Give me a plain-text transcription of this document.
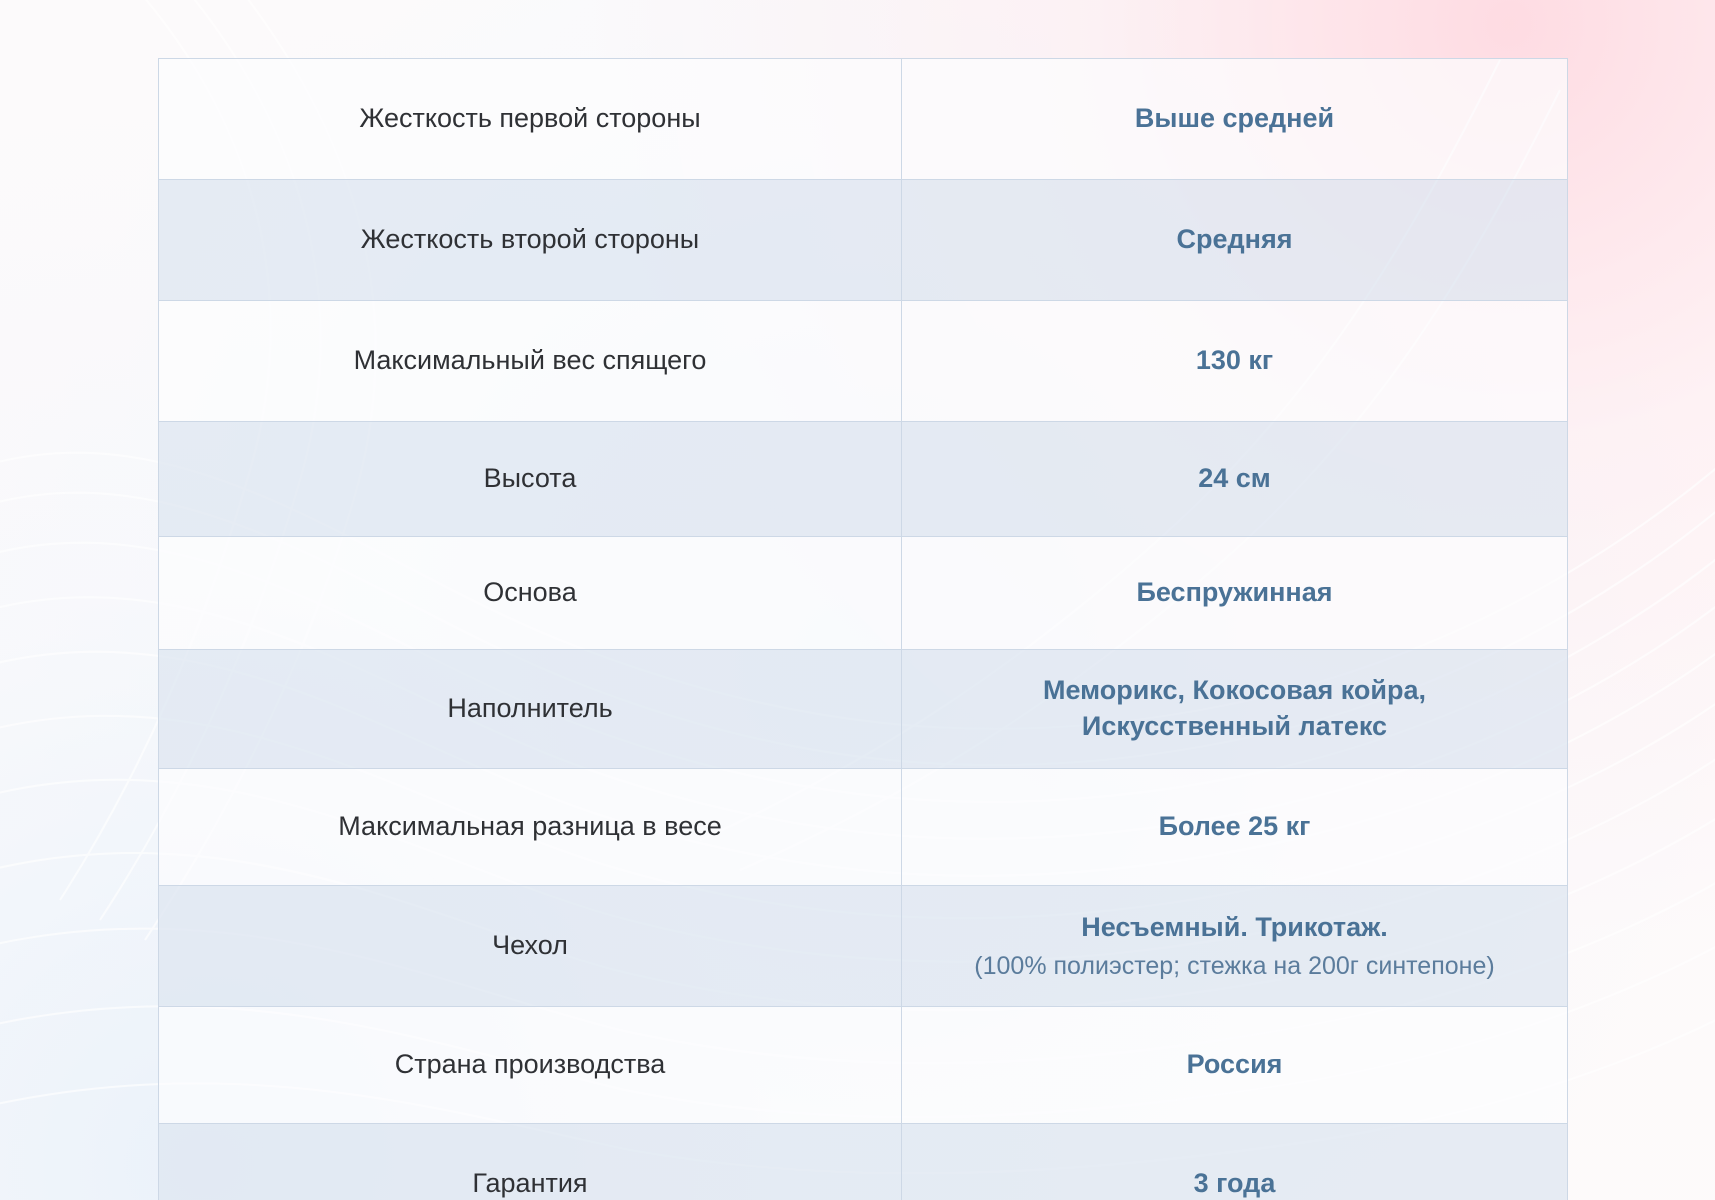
Жесткость первой стороны	Выше средней
Жесткость второй стороны	Средняя
Максимальный вес спящего	130 кг
Высота	24 см
Основа	Беспружинная
Наполнитель	Меморикс, Кокосовая койра,
Искусственный латекс

Максимальная разница в весе	Более 25 кг
Чехол	Несъемный. Трикотаж.
(100% полиэстер; стежка на 200г синтепоне)

Страна производства	Россия
Гарантия	3 года
